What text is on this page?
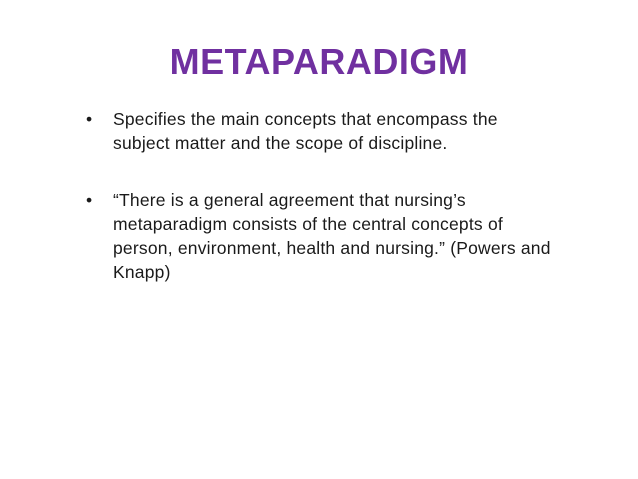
METAPARADIGM
•	Specifies the main concepts that encompass the subject matter and the scope of discipline.
•	“There is a general agreement that nursing’s metaparadigm consists of the central concepts of person, environment, health and nursing.” (Powers and Knapp)
